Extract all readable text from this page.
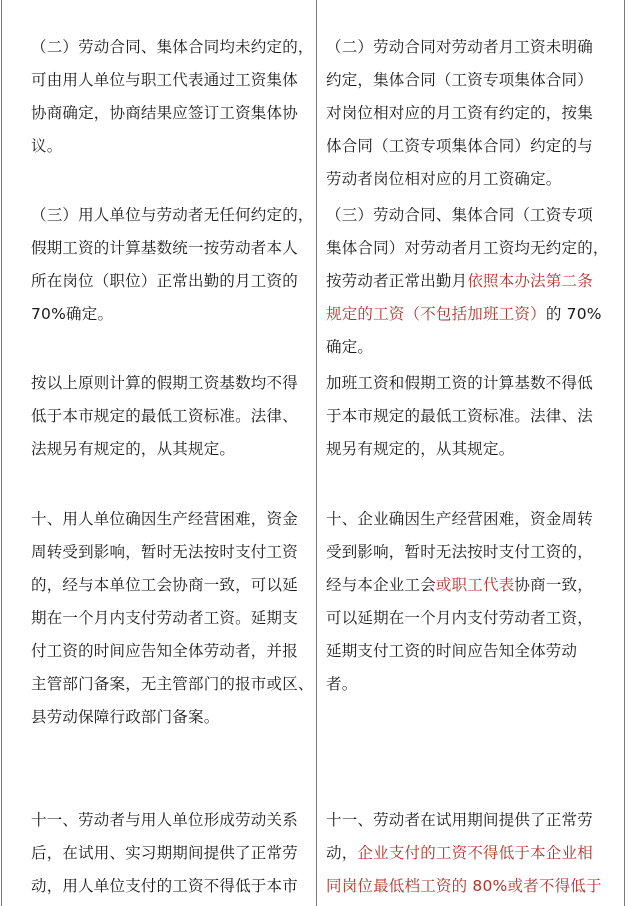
（二）劳动合同、集体合同均未约定的，
可由用人单位与职工代表通过工资集体
协商确定，协商结果应签订工资集体协
议。
（三）用人单位与劳动者无任何约定的，
假期工资的计算基数统一按劳动者本人
所在岗位（职位）正常出勤的月工资的
70%确定。
按以上原则计算的假期工资基数均不得
低于本市规定的最低工资标准。法律、
法规另有规定的，从其规定。
十、用人单位确因生产经营困难，资金
周转受到影响，暂时无法按时支付工资
的，经与本单位工会协商一致，可以延
期在一个月内支付劳动者工资。延期支
付工资的时间应告知全体劳动者，并报
主管部门备案，无主管部门的报市或区、
县劳动保障行政部门备案。
十一、劳动者与用人单位形成劳动关系
后，在试用、实习期期间提供了正常劳
动，用人单位支付的工资不得低于本市
（二）劳动合同对劳动者月工资未明确
约定，集体合同（工资专项集体合同）
对岗位相对应的月工资有约定的，按集
体合同（工资专项集体合同）约定的与
劳动者岗位相对应的月工资确定。
（三）劳动合同、集体合同（工资专项
集体合同）对劳动者月工资均无约定的，
按劳动者正常出勤月依照本办法第二条
规定的工资（不包括加班工资）的 70%
确定。
加班工资和假期工资的计算基数不得低
于本市规定的最低工资标准。法律、法
规另有规定的，从其规定。
十、企业确因生产经营困难，资金周转
受到影响，暂时无法按时支付工资的，
经与本企业工会或职工代表协商一致，
可以延期在一个月内支付劳动者工资，
延期支付工资的时间应告知全体劳动
者。
十一、劳动者在试用期间提供了正常劳
动，企业支付的工资不得低于本企业相
同岗位最低档工资的 80%或者不得低于
